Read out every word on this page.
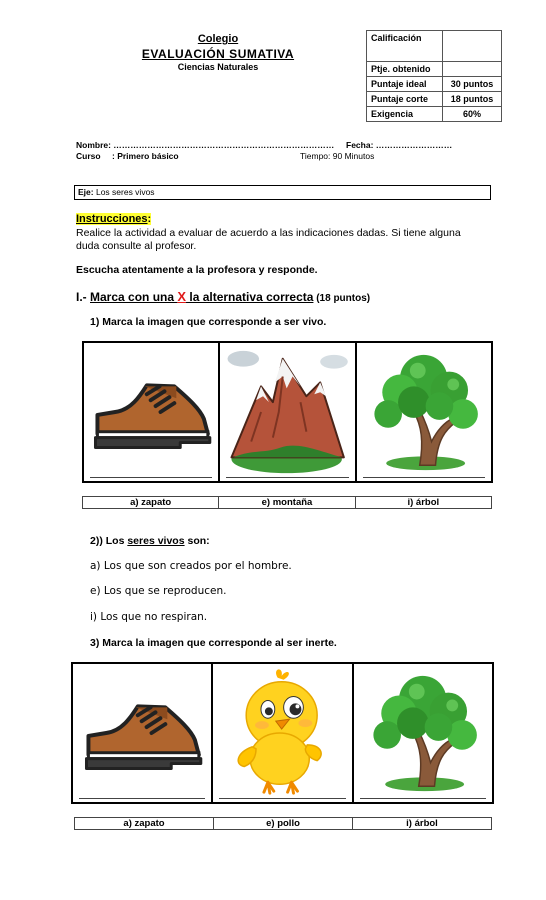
Colegio
EVALUACIÓN SUMATIVA
Ciencias Naturales
Calificación	
Ptje. obtenido	
Puntaje ideal	30 puntos
Puntaje corte	18 puntos
Exigencia	60%
Nombre: …………………………………………………………………… Fecha: ………………………
Curso : Primero básico	Tiempo: 90 Minutos
Eje: Los seres vivos
Instrucciones:
Realice la actividad a evaluar de acuerdo a las indicaciones dadas. Si tiene alguna duda consulte al profesor.
Escucha atentamente a la profesora y responde.
I.- Marca con una X la alternativa correcta (18 puntos)
1) Marca la imagen que corresponde a ser vivo.
a) zapato	e) montaña	i) árbol
2)) Los seres vivos son:
a) Los que son creados por el hombre.
e) Los que se reproducen.
i) Los que no respiran.
3) Marca la imagen que corresponde al ser inerte.
a) zapato	e) pollo	i) árbol
